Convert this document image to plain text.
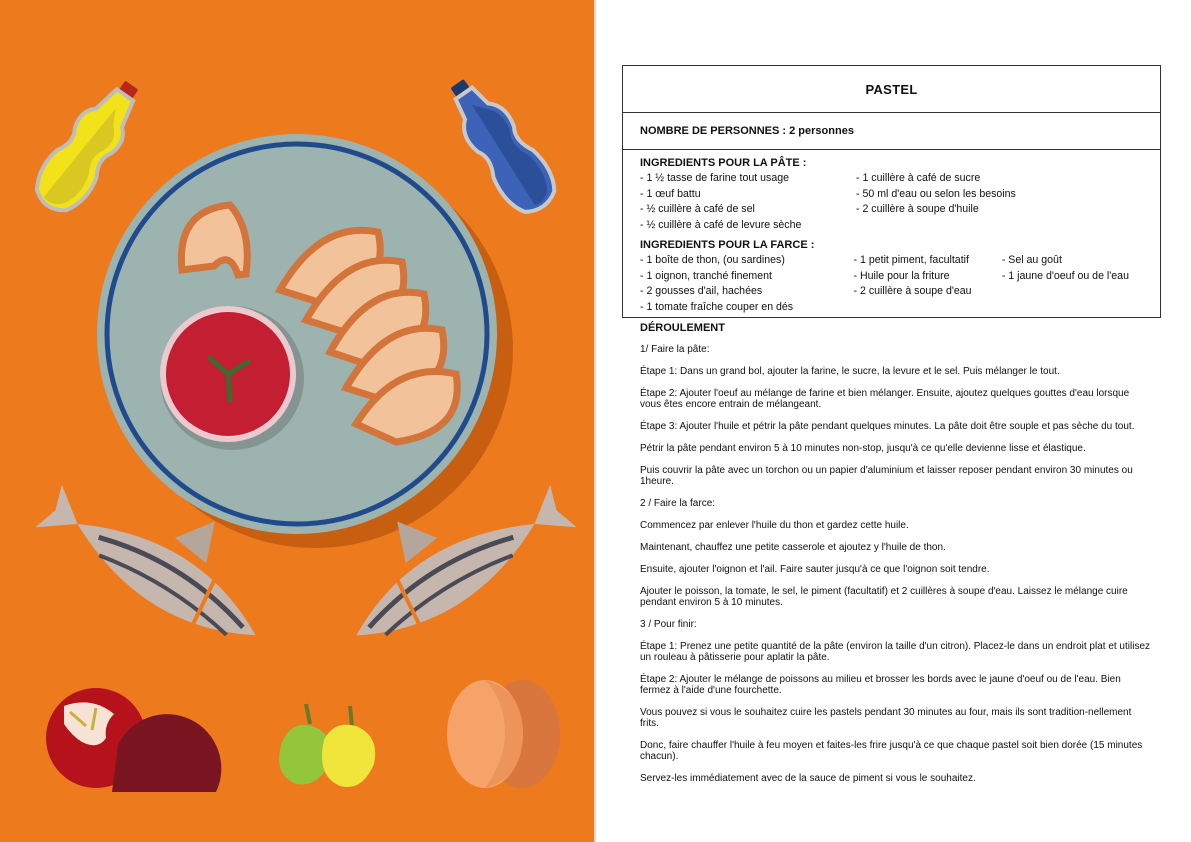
PASTEL
NOMBRE DE PERSONNES : 2 personnes
INGREDIENTS POUR LA PÂTE :
- 1 ½ tasse de farine tout usage
- 1 œuf battu
- ½ cuillère à café de sel
- ½ cuillère à café de levure sèche
- 1 cuillère à café de sucre
- 50 ml d'eau ou selon les besoins
- 2 cuillère à soupe d'huile
INGREDIENTS POUR LA FARCE :
- 1 boîte de thon, (ou sardines)
- 1 oignon, tranché finement
- 2 gousses d'ail, hachées
- 1 tomate fraîche couper en dés
- 1 petit piment, facultatif
- Huile pour la friture
- 2 cuillère à soupe d'eau
- Sel au goût
- 1 jaune d'oeuf ou de l'eau
DÉROULEMENT

1/ Faire la pâte:

Étape 1: Dans un grand bol, ajouter la farine, le sucre, la levure et le sel. Puis mélanger le tout.

Étape 2: Ajouter l'oeuf au mélange de farine et bien mélanger. Ensuite, ajoutez quelques gouttes d'eau lorsque vous êtes encore entrain de mélangeant.

Étape 3: Ajouter l'huile et pétrir la pâte pendant quelques minutes. La pâte doit être souple et pas sèche du tout.

Pétrir la pâte pendant environ 5 à 10 minutes non-stop, jusqu'à ce qu'elle devienne lisse et élastique.

Puis couvrir la pâte avec un torchon ou un papier d'aluminium et laisser reposer pendant environ 30 minutes ou 1heure.

2 / Faire la farce:

Commencez par enlever l'huile du thon et gardez cette huile.

Maintenant, chauffez une petite casserole et ajoutez y l'huile de thon.

Ensuite, ajouter l'oignon et l'ail. Faire sauter jusqu'à ce que l'oignon soit tendre.

Ajouter le poisson, la tomate, le sel, le piment (facultatif) et 2 cuillères à soupe d'eau. Laissez le mélange cuire pendant environ 5 à 10 minutes.

3 / Pour finir:

Étape 1: Prenez une petite quantité de la pâte (environ la taille d'un citron). Placez-le dans un endroit plat et utilisez un rouleau à pâtisserie pour aplatir la pâte.

Étape 2: Ajouter le mélange de poissons au milieu et brosser les bords avec le jaune d'oeuf ou de l'eau. Bien fermez à l'aide d'une fourchette.

Vous pouvez si vous le souhaitez cuire les pastels pendant 30 minutes au four, mais ils sont tradition-nellement frits.

Donc, faire chauffer l'huile à feu moyen et faites-les frire jusqu'à ce que chaque pastel soit bien dorée (15 minutes chacun).

Servez-les immédiatement avec de la sauce de piment si vous le souhaitez.
